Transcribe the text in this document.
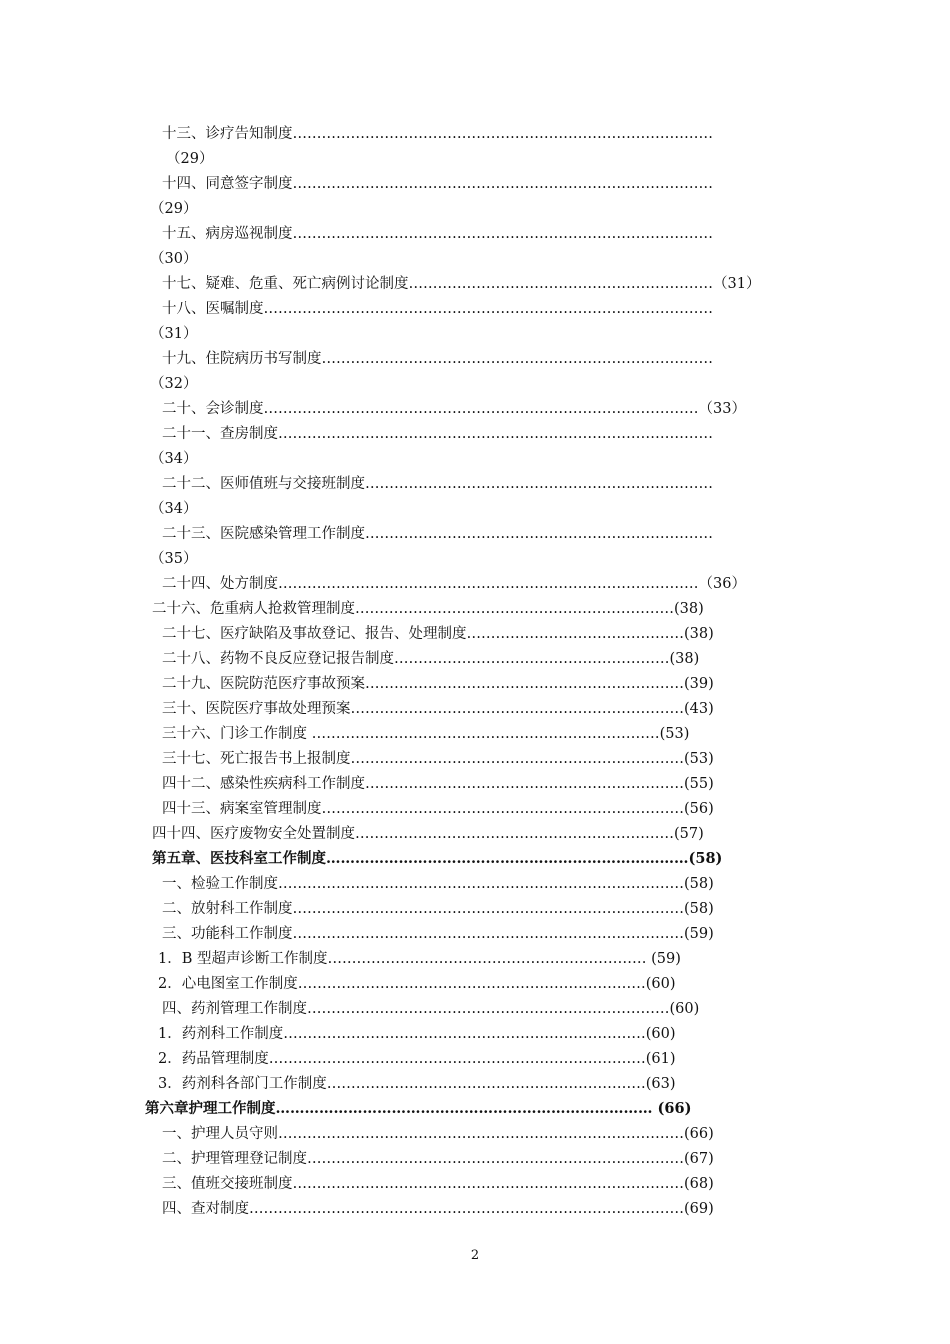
十三、诊疗告知制度……………………………………………………………………………
（29）
十四、同意签字制度……………………………………………………………………………
（29）
十五、病房巡视制度……………………………………………………………………………
（30）
十七、疑难、危重、死亡病例讨论制度………………………………………………………（31）
十八、医嘱制度…………………………………………………………………………………
（31）
十九、住院病历书写制度………………………………………………………………………
（32）
二十、会诊制度………………………………………………………………………………（33）
二十一、查房制度………………………………………………………………………………
（34）
二十二、医师值班与交接班制度………………………………………………………………
（34）
二十三、医院感染管理工作制度………………………………………………………………
（35）
二十四、处方制度……………………………………………………………………………（36）
二十六、危重病人抢救管理制度…………………………………………………………(38)
二十七、医疗缺陷及事故登记、报告、处理制度………………………………………(38)
二十八、药物不良反应登记报告制度…………………………………………………(38)
二十九、医院防范医疗事故预案…………………………………………………………(39)
三十、医院医疗事故处理预案……………………………………………………………(43)
三十六、门诊工作制度 ………………………………………………………………(53)
三十七、死亡报告书上报制度……………………………………………………………(53)
四十二、感染性疾病科工作制度…………………………………………………………(55)
四十三、病案室管理制度…………………………………………………………………(56)
四十四、医疗废物安全处置制度…………………………………………………………(57)
第五章、医技科室工作制度…………………………………………………………………(58)
一、检验工作制度…………………………………………………………………………(58)
二、放射科工作制度………………………………………………………………………(58)
三、功能科工作制度………………………………………………………………………(59)
1．B 型超声诊断工作制度………………………………………………………… (59)
2．心电图室工作制度………………………………………………………………(60)
四、药剂管理工作制度…………………………………………………………………(60)
1．药剂科工作制度…………………………………………………………………(60)
2．药品管理制度……………………………………………………………………(61)
3．药剂科各部门工作制度…………………………………………………………(63)
第六章护理工作制度…………………………………………………………………… (66)
一、护理人员守则…………………………………………………………………………(66)
二、护理管理登记制度……………………………………………………………………(67)
三、值班交接班制度………………………………………………………………………(68)
四、查对制度………………………………………………………………………………(69)
2
